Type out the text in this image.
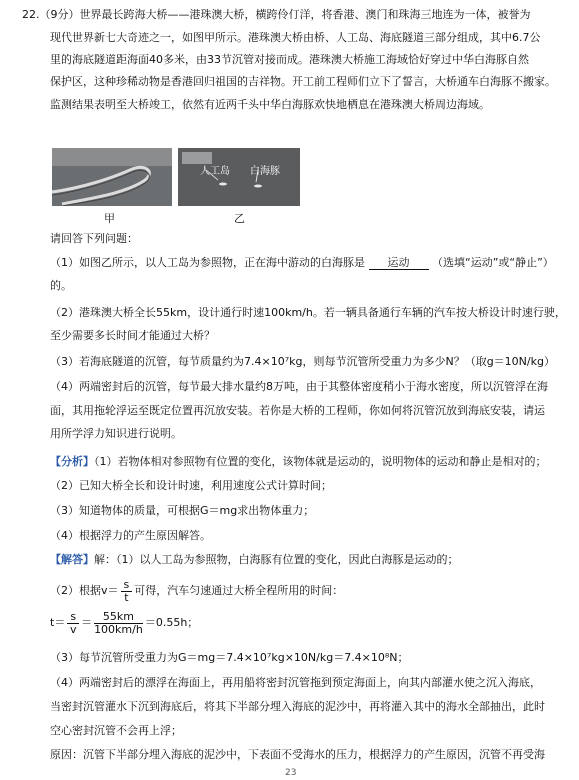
22.（9分）世界最长跨海大桥——港珠澳大桥，横跨伶仃洋，将香港、澳门和珠海三地连为一体，被誉为
现代世界新七大奇迹之一，如图甲所示。港珠澳大桥由桥、人工岛、海底隧道三部分组成，其中6.7公
里的海底隧道距海面40多米，由33节沉管对接而成。港珠澳大桥施工海域恰好穿过中华白海豚自然
保护区，这种珍稀动物是香港回归祖国的吉祥物。开工前工程师们立下了誓言，大桥通车白海豚不搬家。
监测结果表明至大桥竣工，依然有近两千头中华白海豚欢快地栖息在港珠澳大桥周边海域。
甲
人工岛 白海豚
乙
请回答下列问题：
（1）如图乙所示，以人工岛为参照物，正在海中游动的白海豚是 运动 （选填“运动”或“静止”）
的。
（2）港珠澳大桥全长55km，设计通行时速100km/h。若一辆具备通行车辆的汽车按大桥设计时速行驶，
至少需要多长时间才能通过大桥？
（3）若海底隧道的沉管，每节质量约为7.4×10⁷kg，则每节沉管所受重力为多少N？（取g＝10N/kg）
（4）两端密封后的沉管，每节最大排水量约8万吨，由于其整体密度稍小于海水密度，所以沉管浮在海
面，其用拖轮浮运至既定位置再沉放安装。若你是大桥的工程师，你如何将沉管沉放到海底安装，请运
用所学浮力知识进行说明。
【分析】（1）若物体相对参照物有位置的变化，该物体就是运动的，说明物体的运动和静止是相对的；
（2）已知大桥全长和设计时速，利用速度公式计算时间；
（3）知道物体的质量，可根据G＝mg求出物体重力；
（4）根据浮力的产生原因解答。
【解答】解：（1）以人工岛为参照物，白海豚有位置的变化，因此白海豚是运动的；
（2）根据$v= \frac{s}{t}$ 可得，汽车匀速通过大桥全程所用的时间：
$t= \frac{s}{v} = \frac{55km}{100km/h} =0.55h$；
（3）每节沉管所受重力为G＝mg＝7.4×10⁷kg×10N/kg＝7.4×10⁸N；
（4）两端密封后的漂浮在海面上，再用船将密封沉管拖到预定海面上，向其内部灌水使之沉入海底，
当密封沉管灌水下沉到海底后，将其下半部分埋入海底的泥沙中，再将灌入其中的海水全部抽出，此时
空心密封沉管不会再上浮；
原因：沉管下半部分埋入海底的泥沙中，下表面不受海水的压力，根据浮力的产生原因，沉管不再受海
23
